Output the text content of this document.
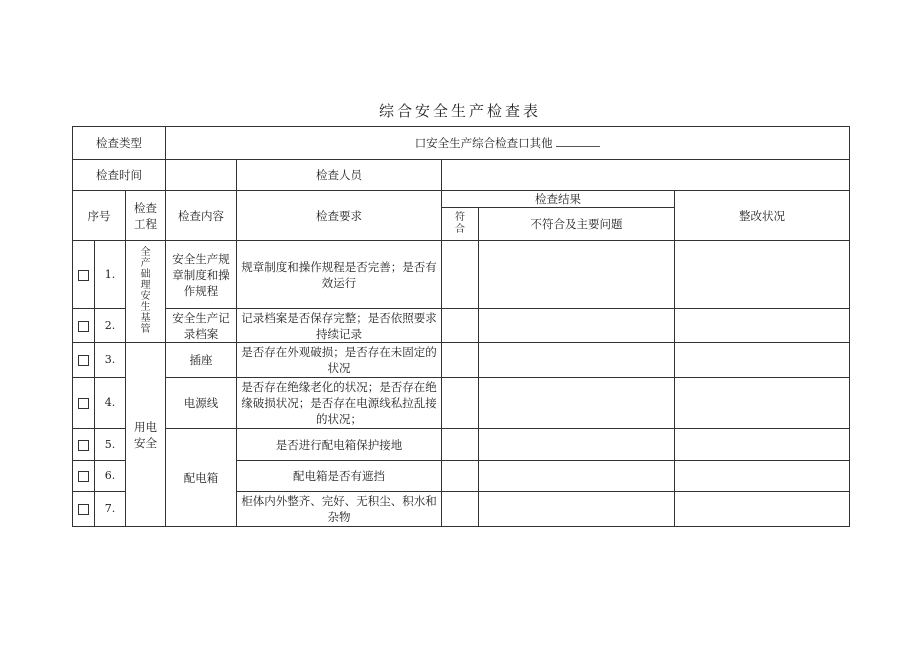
综合安全生产检查表
检查类型			口安全生产综合检查口其他				
检查时间				检查人员			
序号		检查工程	检查内容	检查要求	检查结果		整改状况
					符合	不符合及主要问题	
	1.	全产础理安生基管	安全生产规章制度和操作规程	规章制度和操作规程是否完善；是否有效运行			
	2.		安全生产记录档案	记录档案是否保存完整；是否依照要求持续记录			
	3.	用电安全	插座	是否存在外观破损；是否存在未固定的状况			
	4.		电源线	是否存在绝缘老化的状况；是否存在绝缘破损状况；是否存在电源线私拉乱接的状况；			
	5.		配电箱	是否进行配电箱保护接地			
	6.			配电箱是否有遮挡			
	7.			柜体内外整齐、完好、无积尘、积水和杂物			
